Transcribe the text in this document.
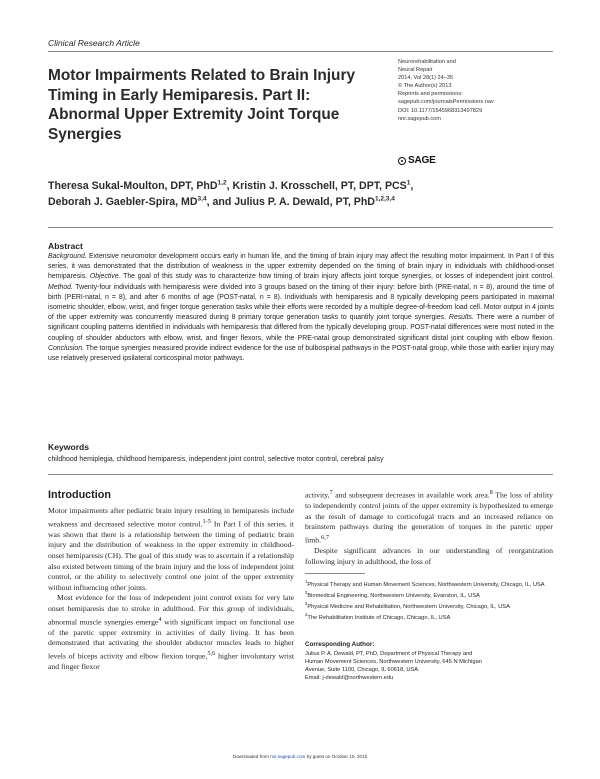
Clinical Research Article
Motor Impairments Related to Brain Injury Timing in Early Hemiparesis. Part II: Abnormal Upper Extremity Joint Torque Synergies
Neurorehabilitation and
Neural Repair
2014, Vol 28(1) 24–35
© The Author(s) 2013
Reprints and permissions:
sagepub.com/journalsPermissions.nav
DOI: 10.1177/1545968313497829
nnr.sagepub.com
SAGE
Theresa Sukal-Moulton, DPT, PhD$^{1,2}$, Kristin J. Krosschell, PT, DPT, PCS$^1$,
Deborah J. Gaebler-Spira, MD$^{3,4}$, and Julius P. A. Dewald, PT, PhD$^{1,2,3,4}$
Abstract
Background. Extensive neuromotor development occurs early in human life, and the timing of brain injury may affect the resulting motor impairment. In Part I of this series, it was demonstrated that the distribution of weakness in the upper extremity depended on the timing of brain injury in individuals with childhood-onset hemiparesis. Objective. The goal of this study was to characterize how timing of brain injury affects joint torque synergies, or losses of independent joint control. Method. Twenty-four individuals with hemiparesis were divided into 3 groups based on the timing of their injury: before birth (PRE-natal, n = 8), around the time of birth (PERI-natal, n = 8), and after 6 months of age (POST-natal, n = 8). Individuals with hemiparesis and 8 typically developing peers participated in maximal isometric shoulder, elbow, wrist, and finger torque generation tasks while their efforts were recorded by a multiple degree-of-freedom load cell. Motor output in 4 joints of the upper extremity was concurrently measured during 8 primary torque generation tasks to quantify joint torque synergies. Results. There were a number of significant coupling patterns identified in individuals with hemiparesis that differed from the typically developing group. POST-natal differences were most noted in the coupling of shoulder abductors with elbow, wrist, and finger flexors, while the PRE-natal group demonstrated significant distal joint coupling with elbow flexion. Conclusion. The torque synergies measured provide indirect evidence for the use of bulbospinal pathways in the POST-natal group, while those with earlier injury may use relatively preserved ipsilateral corticospinal motor pathways.
Keywords
childhood hemiplegia, childhood hemiparesis, independent joint control, selective motor control, cerebral palsy
Introduction

Motor impairments after pediatric brain injury resulting in hemiparesis include weakness and decreased selective motor control.$^{1-5}$ In Part I of this series, it was shown that there is a relationship between the timing of pediatric brain injury and the distribution of weakness in the upper extremity in childhood-onset hemiparesis (CH). The goal of this study was to ascertain if a relationship also existed between timing of the brain injury and the loss of independent joint control, or the ability to selectively control one joint of the upper extremity without influencing other joints.

Most evidence for the loss of independent joint control exists for very late onset hemiparesis due to stroke in adulthood. For this group of individuals, abnormal muscle synergies emerge$^4$ with significant impact on functional use of the paretic upper extremity in activities of daily living. It has been demonstrated that activating the shoulder abductor muscles leads to higher levels of biceps activity and elbow flexion torque,$^{5,6}$ higher involuntary wrist and finger flexor

activity,$^7$ and subsequent decreases in available work area.$^8$ The loss of ability to independently control joints of the upper extremity is hypothesized to emerge as the result of damage to corticofugal tracts and an increased reliance on brainstem pathways during the generation of torques in the paretic upper limb.$^{6,7}$

Despite significant advances in our understanding of reorganization following injury in adulthood, the loss of

$^1$Physical Therapy and Human Movement Sciences, Northwestern University, Chicago, IL, USA
$^2$Biomedical Engineering, Northwestern University, Evanston, IL, USA
$^3$Physical Medicine and Rehabilitation, Northwestern University, Chicago, IL, USA
$^4$The Rehabilitation Institute of Chicago, Chicago, IL, USA
Corresponding Author:
Julius P. A. Dewald, PT, PhD, Department of Physical Therapy and
Human Movement Sciences, Northwestern University, 645 N Michigan
Avenue, Suite 1100, Chicago, IL 60618, USA.
Email: j-dewald@northwestern.edu
Downloaded from nnr.sagepub.com by guest on October 10, 2015
